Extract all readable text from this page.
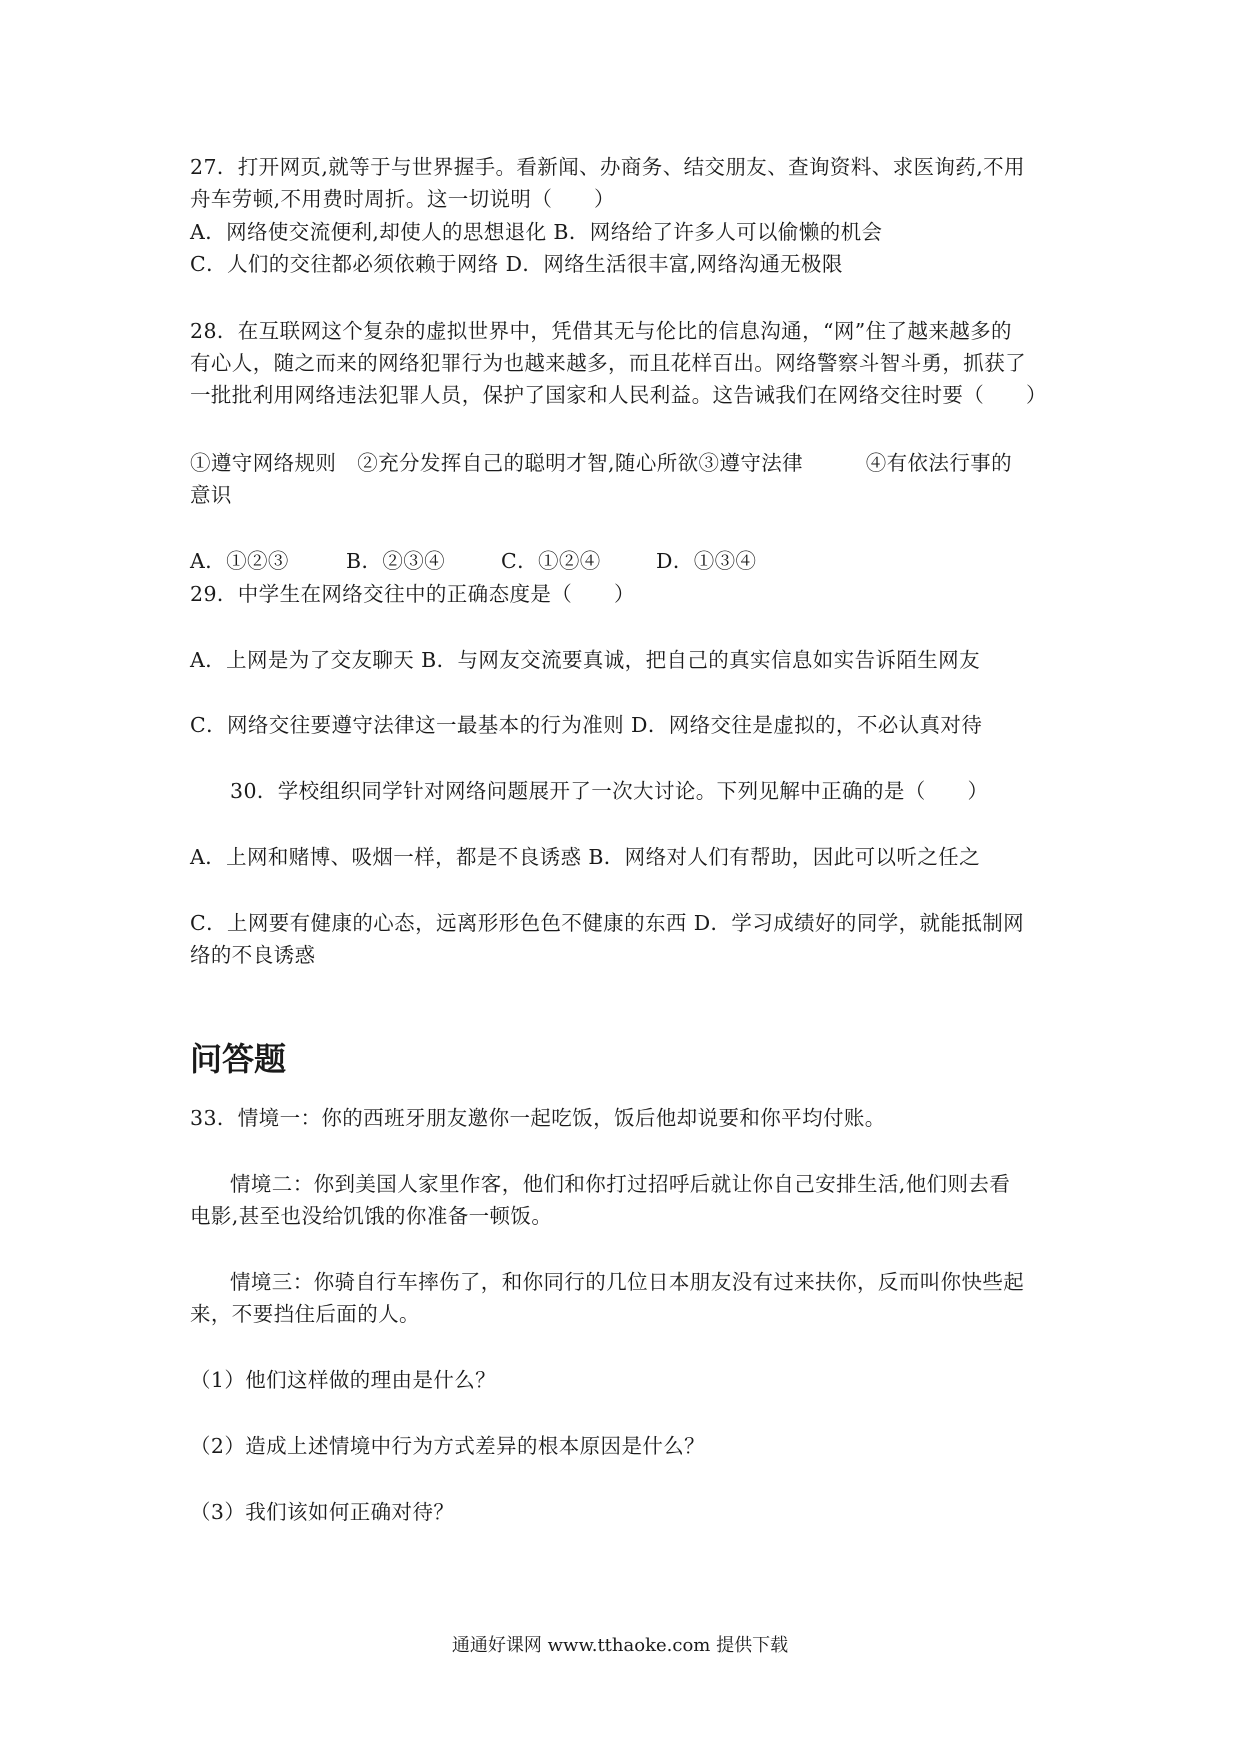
27．打开网页,就等于与世界握手。看新闻、办商务、结交朋友、查询资料、求医询药,不用
舟车劳顿,不用费时周折。这一切说明（　　）
A．网络使交流便利,却使人的思想退化 B．网络给了许多人可以偷懒的机会
C．人们的交往都必须依赖于网络 D．网络生活很丰富,网络沟通无极限
28．在互联网这个复杂的虚拟世界中，凭借其无与伦比的信息沟通，“网”住了越来越多的
有心人，随之而来的网络犯罪行为也越来越多，而且花样百出。网络警察斗智斗勇，抓获了
一批批利用网络违法犯罪人员，保护了国家和人民利益。这告诫我们在网络交往时要（　　）
①遵守网络规则　②充分发挥自己的聪明才智,随心所欲③遵守法律　　　④有依法行事的
意识
A．①②③	B．②③④	C．①②④	D．①③④
29．中学生在网络交往中的正确态度是（　　）
A．上网是为了交友聊天 B．与网友交流要真诚，把自己的真实信息如实告诉陌生网友
C．网络交往要遵守法律这一最基本的行为准则 D．网络交往是虚拟的，不必认真对待
30．学校组织同学针对网络问题展开了一次大讨论。下列见解中正确的是（　　）
A．上网和赌博、吸烟一样，都是不良诱惑 B．网络对人们有帮助，因此可以听之任之
C．上网要有健康的心态，远离形形色色不健康的东西 D．学习成绩好的同学，就能抵制网
络的不良诱惑
问答题
33．情境一：你的西班牙朋友邀你一起吃饭，饭后他却说要和你平均付账。
情境二：你到美国人家里作客，他们和你打过招呼后就让你自己安排生活,他们则去看
电影,甚至也没给饥饿的你准备一顿饭。
情境三：你骑自行车摔伤了，和你同行的几位日本朋友没有过来扶你，反而叫你快些起
来，不要挡住后面的人。
（1）他们这样做的理由是什么？
（2）造成上述情境中行为方式差异的根本原因是什么？
（3）我们该如何正确对待？
通通好课网 www.tthaoke.com 提供下载
